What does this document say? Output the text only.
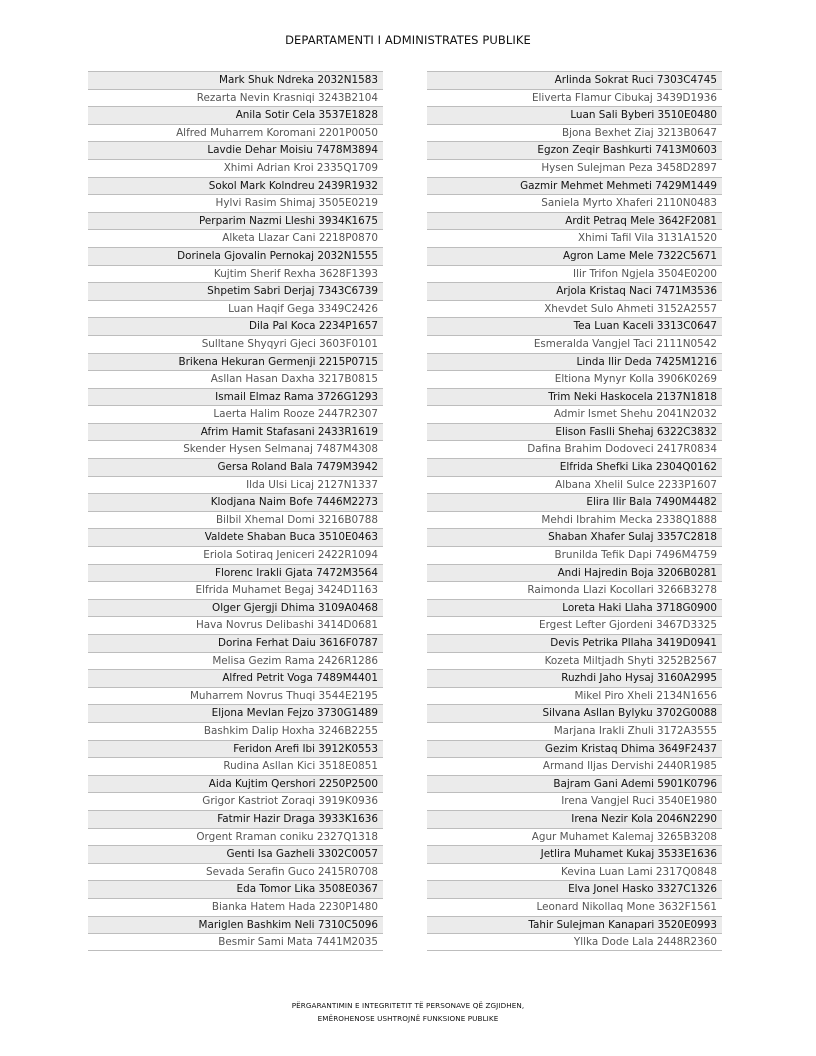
DEPARTAMENTI I ADMINISTRATES PUBLIKE
Mark Shuk Ndreka 2032N1583
Rezarta Nevin Krasniqi 3243B2104
Anila Sotir Cela 3537E1828
Alfred Muharrem Koromani 2201P0050
Lavdie Dehar Moisiu 7478M3894
Xhimi Adrian Kroi 2335Q1709
Sokol Mark Kolndreu 2439R1932
Hylvi Rasim Shimaj 3505E0219
Perparim Nazmi Lleshi 3934K1675
Alketa Llazar Cani 2218P0870
Dorinela Gjovalin Pernokaj 2032N1555
Kujtim Sherif Rexha 3628F1393
Shpetim Sabri Derjaj 7343C6739
Luan Haqif Gega 3349C2426
Dila Pal Koca 2234P1657
Sulltane Shyqyri Gjeci 3603F0101
Brikena Hekuran Germenji 2215P0715
Asllan Hasan Daxha 3217B0815
Ismail Elmaz Rama 3726G1293
Laerta Halim Rooze 2447R2307
Afrim Hamit Stafasani 2433R1619
Skender Hysen Selmanaj 7487M4308
Gersa Roland Bala 7479M3942
Ilda Ulsi Licaj 2127N1337
Klodjana Naim Bofe 7446M2273
Bilbil Xhemal Domi 3216B0788
Valdete Shaban Buca 3510E0463
Eriola Sotiraq Jeniceri 2422R1094
Florenc Irakli Gjata 7472M3564
Elfrida Muhamet Begaj 3424D1163
Olger Gjergji Dhima 3109A0468
Hava Novrus Delibashi 3414D0681
Dorina Ferhat Daiu 3616F0787
Melisa Gezim Rama 2426R1286
Alfred Petrit Voga 7489M4401
Muharrem Novrus Thuqi 3544E2195
Eljona Mevlan Fejzo 3730G1489
Bashkim Dalip Hoxha 3246B2255
Feridon Arefi Ibi 3912K0553
Rudina Asllan Kici 3518E0851
Aida Kujtim Qershori 2250P2500
Grigor Kastriot Zoraqi 3919K0936
Fatmir Hazir Draga 3933K1636
Orgent Rraman coniku 2327Q1318
Genti Isa Gazheli 3302C0057
Sevada Serafin Guco 2415R0708
Eda Tomor Lika 3508E0367
Bianka Hatem Hada 2230P1480
Mariglen Bashkim Neli 7310C5096
Besmir Sami Mata 7441M2035
Arlinda Sokrat Ruci 7303C4745
Eliverta Flamur Cibukaj 3439D1936
Luan Sali Byberi 3510E0480
Bjona Bexhet Ziaj 3213B0647
Egzon Zeqir Bashkurti 7413M0603
Hysen Sulejman Peza 3458D2897
Gazmir Mehmet Mehmeti 7429M1449
Saniela Myrto Xhaferi 2110N0483
Ardit Petraq Mele 3642F2081
Xhimi Tafil Vila 3131A1520
Agron Lame Mele 7322C5671
Ilir Trifon Ngjela 3504E0200
Arjola Kristaq Naci 7471M3536
Xhevdet Sulo Ahmeti 3152A2557
Tea Luan Kaceli 3313C0647
Esmeralda Vangjel Taci 2111N0542
Linda Ilir Deda 7425M1216
Eltiona Mynyr Kolla 3906K0269
Trim Neki Haskocela 2137N1818
Admir Ismet Shehu 2041N2032
Elison Faslli Shehaj 6322C3832
Dafina Brahim Dodoveci 2417R0834
Elfrida Shefki Lika 2304Q0162
Albana Xhelil Sulce 2233P1607
Elira Ilir Bala 7490M4482
Mehdi Ibrahim Mecka 2338Q1888
Shaban Xhafer Sulaj 3357C2818
Brunilda Tefik Dapi 7496M4759
Andi Hajredin Boja 3206B0281
Raimonda Llazi Kocollari 3266B3278
Loreta Haki Llaha 3718G0900
Ergest Lefter Gjordeni 3467D3325
Devis Petrika Pllaha 3419D0941
Kozeta Miltjadh Shyti 3252B2567
Ruzhdi Jaho Hysaj 3160A2995
Mikel Piro Xheli 2134N1656
Silvana Asllan Bylyku 3702G0088
Marjana Irakli Zhuli 3172A3555
Gezim Kristaq Dhima 3649F2437
Armand Iljas Dervishi 2440R1985
Bajram Gani Ademi 5901K0796
Irena Vangjel Ruci 3540E1980
Irena Nezir Kola 2046N2290
Agur Muhamet Kalemaj 3265B3208
Jetlira Muhamet Kukaj 3533E1636
Kevina Luan Lami 2317Q0848
Elva Jonel Hasko 3327C1326
Leonard Nikollaq Mone 3632F1561
Tahir Sulejman Kanapari 3520E0993
Yllka Dode Lala 2448R2360
PËRGARANTIMIN E INTEGRITETIT TË PERSONAVE QË ZGJIDHEN,
EMËROHENOSE USHTROJNË FUNKSIONE PUBLIKE
